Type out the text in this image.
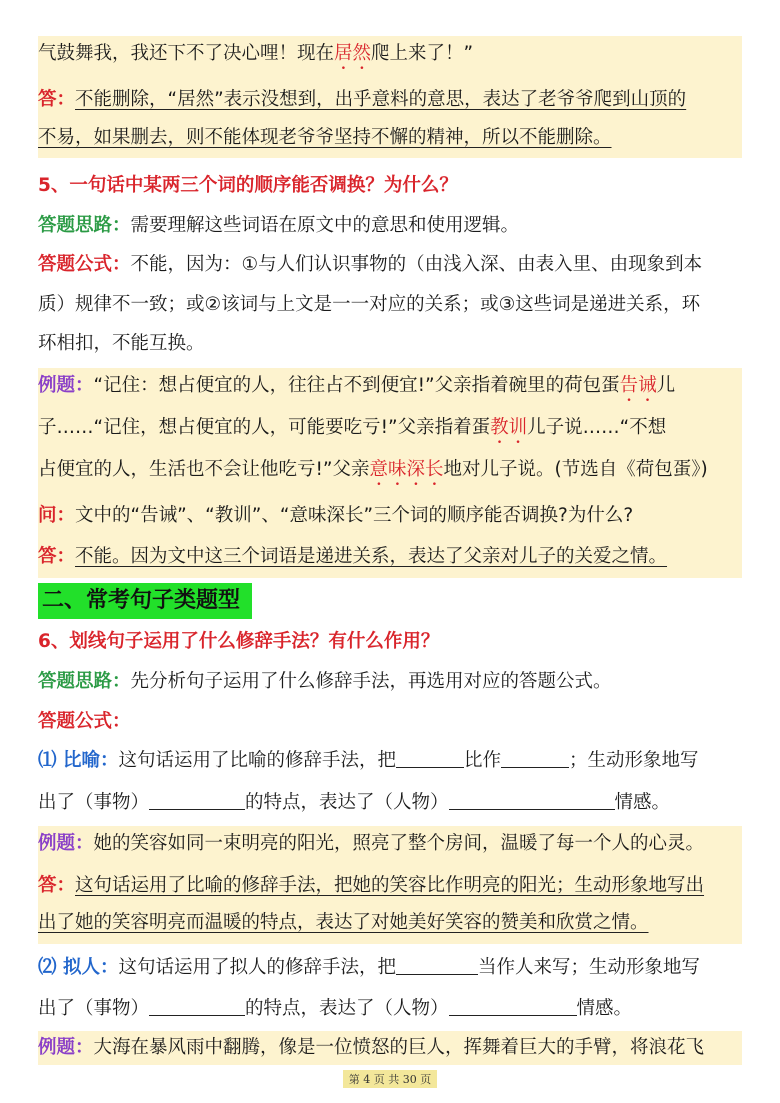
气鼓舞我，我还下不了决心哩！现在居然爬上来了！”
答：不能删除，“居然”表示没想到，出乎意料的意思，表达了老爷爷爬到山顶的
不易，如果删去，则不能体现老爷爷坚持不懈的精神，所以不能删除。
5、一句话中某两三个词的顺序能否调换？为什么？
答题思路：需要理解这些词语在原文中的意思和使用逻辑。
答题公式：不能，因为：①与人们认识事物的（由浅入深、由表入里、由现象到本
质）规律不一致；或②该词与上文是一一对应的关系；或③这些词是递进关系，环
环相扣，不能互换。
例题：“记住：想占便宜的人，往往占不到便宜!”父亲指着碗里的荷包蛋告诫儿
子……“记住，想占便宜的人，可能要吃亏!”父亲指着蛋教训儿子说……“不想
占便宜的人，生活也不会让他吃亏!”父亲意味深长地对儿子说。(节选自《荷包蛋》)
问：文中的“告诫”、“教训”、“意味深长”三个词的顺序能否调换?为什么?
答：不能。因为文中这三个词语是递进关系，表达了父亲对儿子的关爱之情。
二、常考句子类题型
6、划线句子运用了什么修辞手法？有什么作用？
答题思路：先分析句子运用了什么修辞手法，再选用对应的答题公式。
答题公式：
⑴ 比喻：这句话运用了比喻的修辞手法，把	比作	；生动形象地写
出了（事物）	的特点，表达了（人物）	情感。
例题：她的笑容如同一束明亮的阳光，照亮了整个房间，温暖了每一个人的心灵。
答：这句话运用了比喻的修辞手法，把她的笑容比作明亮的阳光；生动形象地写出
出了她的笑容明亮而温暖的特点，表达了对她美好笑容的赞美和欣赏之情。
⑵ 拟人：这句话运用了拟人的修辞手法，把	当作人来写；生动形象地写
出了（事物）	的特点，表达了（人物）	情感。
例题：大海在暴风雨中翻腾，像是一位愤怒的巨人，挥舞着巨大的手臂，将浪花飞
第 4 页 共 30 页
